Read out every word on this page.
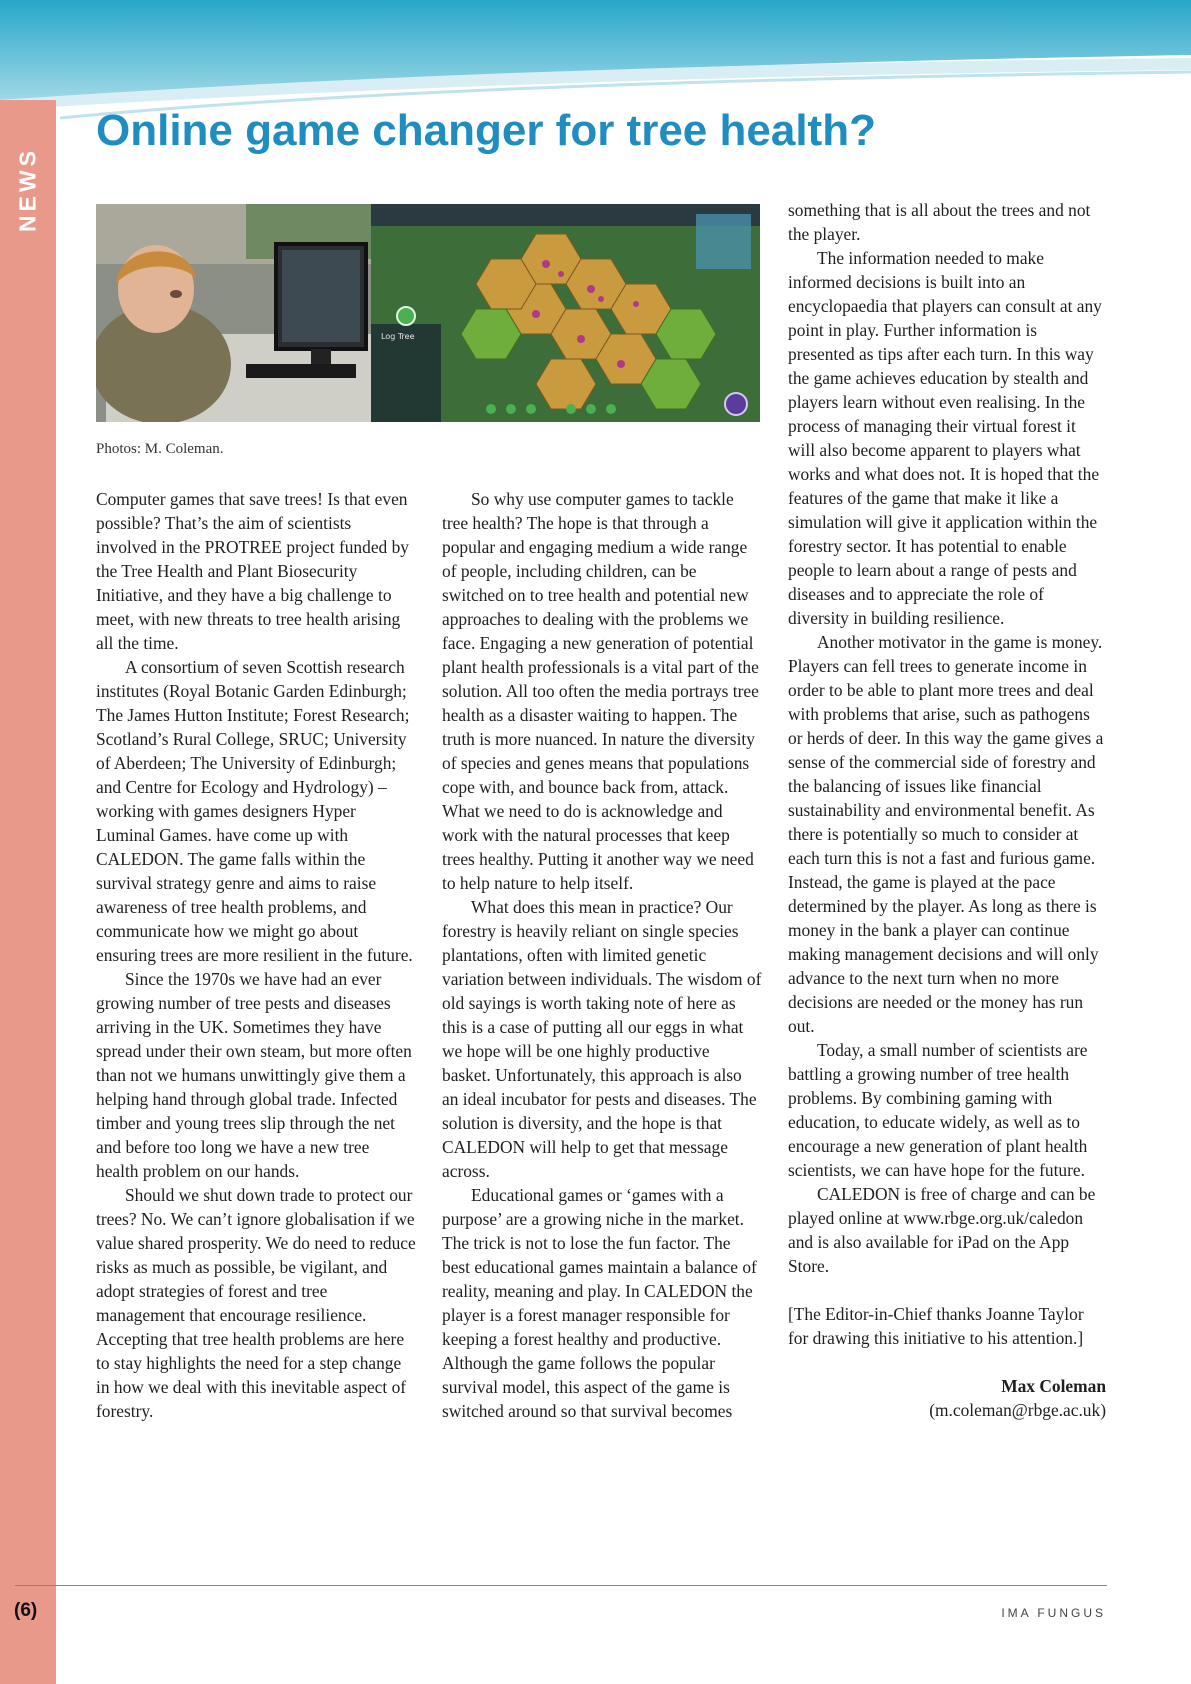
NEWS
Online game changer for tree health?
Log Tree
Photos: M. Coleman.

Computer games that save trees! Is that even possible? That’s the aim of scientists involved in the PROTREE project funded by the Tree Health and Plant Biosecurity Initiative, and they have a big challenge to meet, with new threats to tree health arising all the time.

A consortium of seven Scottish research institutes (Royal Botanic Garden Edinburgh; The James Hutton Institute; Forest Research; Scotland’s Rural College, SRUC; University of Aberdeen; The University of Edinburgh; and Centre for Ecology and Hydrology) – working with games designers Hyper Luminal Games. have come up with CALEDON. The game falls within the survival strategy genre and aims to raise awareness of tree health problems, and communicate how we might go about ensuring trees are more resilient in the future.

Since the 1970s we have had an ever growing number of tree pests and diseases arriving in the UK. Sometimes they have spread under their own steam, but more often than not we humans unwittingly give them a helping hand through global trade. Infected timber and young trees slip through the net and before too long we have a new tree health problem on our hands.

Should we shut down trade to protect our trees? No. We can’t ignore globalisation if we value shared prosperity. We do need to reduce risks as much as possible, be vigilant, and adopt strategies of forest and tree management that encourage resilience. Accepting that tree health problems are here to stay highlights the need for a step change in how we deal with this inevitable aspect of forestry.

So why use computer games to tackle tree health? The hope is that through a popular and engaging medium a wide range of people, including children, can be switched on to tree health and potential new approaches to dealing with the problems we face. Engaging a new generation of potential plant health professionals is a vital part of the solution. All too often the media portrays tree health as a disaster waiting to happen. The truth is more nuanced. In nature the diversity of species and genes means that populations cope with, and bounce back from, attack. What we need to do is acknowledge and work with the natural processes that keep trees healthy. Putting it another way we need to help nature to help itself.

What does this mean in practice? Our forestry is heavily reliant on single species plantations, often with limited genetic variation between individuals. The wisdom of old sayings is worth taking note of here as this is a case of putting all our eggs in what we hope will be one highly productive basket. Unfortunately, this approach is also an ideal incubator for pests and diseases. The solution is diversity, and the hope is that CALEDON will help to get that message across.

Educational games or ‘games with a purpose’ are a growing niche in the market. The trick is not to lose the fun factor. The best educational games maintain a balance of reality, meaning and play. In CALEDON the player is a forest manager responsible for keeping a forest healthy and productive. Although the game follows the popular survival model, this aspect of the game is switched around so that survival becomes

something that is all about the trees and not the player.

The information needed to make informed decisions is built into an encyclopaedia that players can consult at any point in play. Further information is presented as tips after each turn. In this way the game achieves education by stealth and players learn without even realising. In the process of managing their virtual forest it will also become apparent to players what works and what does not. It is hoped that the features of the game that make it like a simulation will give it application within the forestry sector. It has potential to enable people to learn about a range of pests and diseases and to appreciate the role of diversity in building resilience.

Another motivator in the game is money. Players can fell trees to generate income in order to be able to plant more trees and deal with problems that arise, such as pathogens or herds of deer. In this way the game gives a sense of the commercial side of forestry and the balancing of issues like financial sustainability and environmental benefit. As there is potentially so much to consider at each turn this is not a fast and furious game. Instead, the game is played at the pace determined by the player. As long as there is money in the bank a player can continue making management decisions and will only advance to the next turn when no more decisions are needed or the money has run out.

Today, a small number of scientists are battling a growing number of tree health problems. By combining gaming with education, to educate widely, as well as to encourage a new generation of plant health scientists, we can have hope for the future.

CALEDON is free of charge and can be played online at www.rbge.org.uk/caledon and is also available for iPad on the App Store.

[The Editor-in-Chief thanks Joanne Taylor for drawing this initiative to his attention.]

Max Coleman
(m.coleman@rbge.ac.uk)
(6)	IMA FUNGUS
